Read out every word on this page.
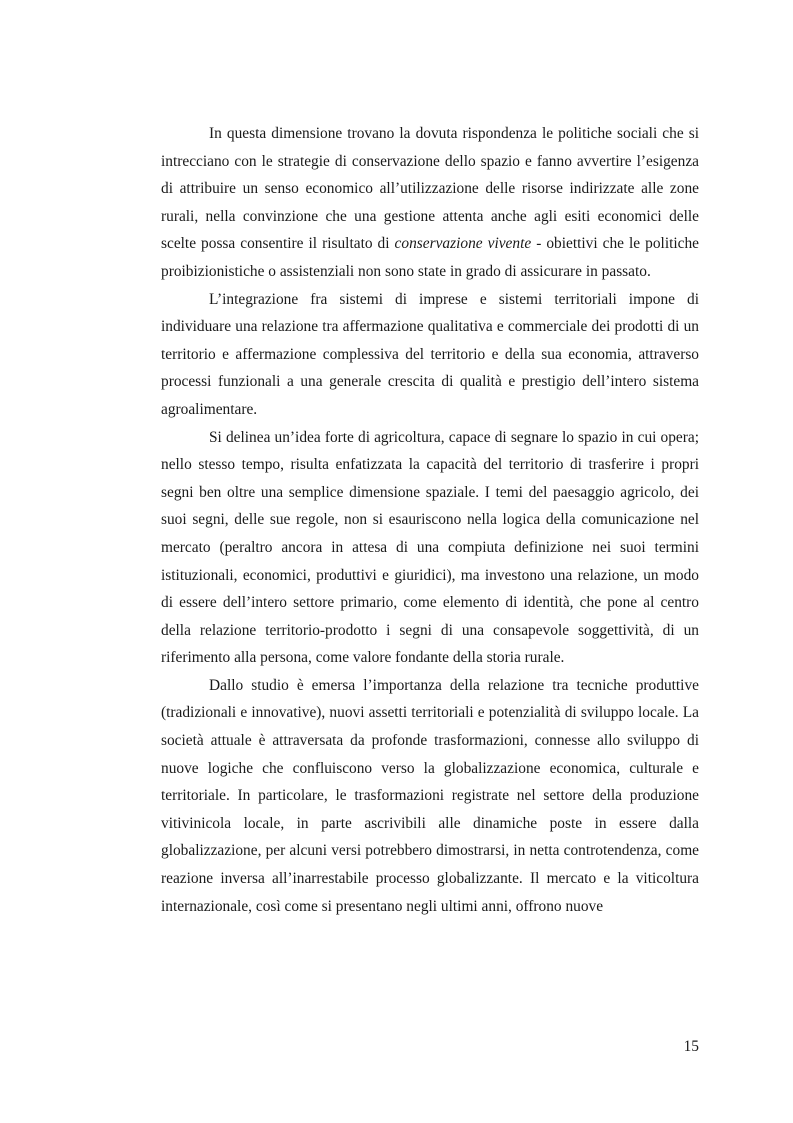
In questa dimensione trovano la dovuta rispondenza le politiche sociali che si intrecciano con le strategie di conservazione dello spazio e fanno avvertire l’esigenza di attribuire un senso economico all’utilizzazione delle risorse indirizzate alle zone rurali, nella convinzione che una gestione attenta anche agli esiti economici delle scelte possa consentire il risultato di conservazione vivente - obiettivi che le politiche proibizionistiche o assistenziali non sono state in grado di assicurare in passato.

L’integrazione fra sistemi di imprese e sistemi territoriali impone di individuare una relazione tra affermazione qualitativa e commerciale dei prodotti di un territorio e affermazione complessiva del territorio e della sua economia, attraverso processi funzionali a una generale crescita di qualità e prestigio dell’intero sistema agroalimentare.

Si delinea un’idea forte di agricoltura, capace di segnare lo spazio in cui opera; nello stesso tempo, risulta enfatizzata la capacità del territorio di trasferire i propri segni ben oltre una semplice dimensione spaziale. I temi del paesaggio agricolo, dei suoi segni, delle sue regole, non si esauriscono nella logica della comunicazione nel mercato (peraltro ancora in attesa di una compiuta definizione nei suoi termini istituzionali, economici, produttivi e giuridici), ma investono una relazione, un modo di essere dell’intero settore primario, come elemento di identità, che pone al centro della relazione territorio-prodotto i segni di una consapevole soggettività, di un riferimento alla persona, come valore fondante della storia rurale.

Dallo studio è emersa l’importanza della relazione tra tecniche produttive (tradizionali e innovative), nuovi assetti territoriali e potenzialità di sviluppo locale. La società attuale è attraversata da profonde trasformazioni, connesse allo sviluppo di nuove logiche che confluiscono verso la globalizzazione economica, culturale e territoriale. In particolare, le trasformazioni registrate nel settore della produzione vitivinicola locale, in parte ascrivibili alle dinamiche poste in essere dalla globalizzazione, per alcuni versi potrebbero dimostrarsi, in netta controtendenza, come reazione inversa all’inarrestabile processo globalizzante. Il mercato e la viticoltura internazionale, così come si presentano negli ultimi anni, offrono nuove

15
